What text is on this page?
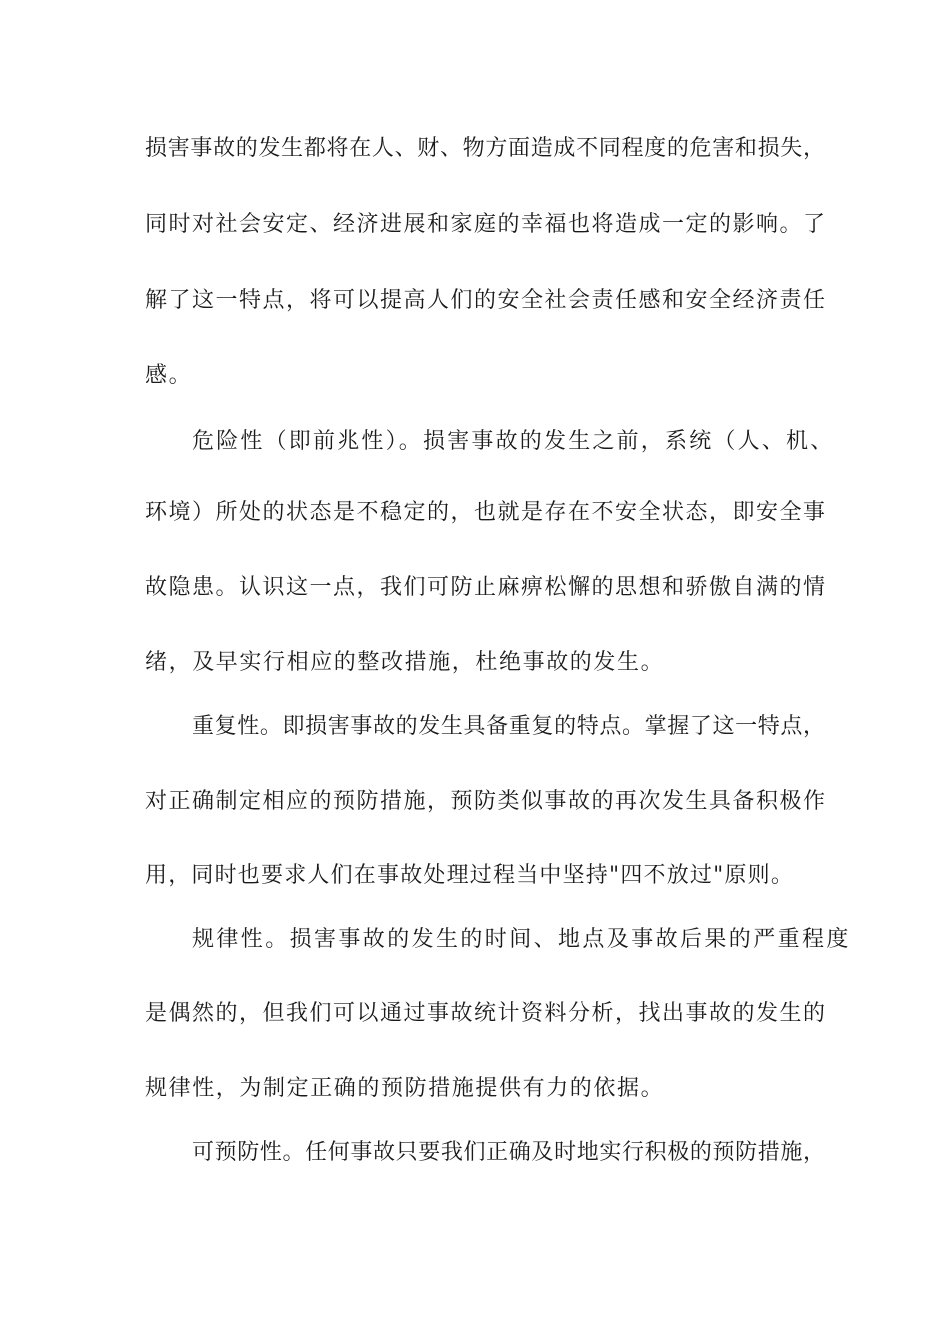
损害事故的发生都将在人、财、物方面造成不同程度的危害和损失，

同时对社会安定、经济进展和家庭的幸福也将造成一定的影响。了

解了这一特点，将可以提高人们的安全社会责任感和安全经济责任

感。

危险性（即前兆性）。损害事故的发生之前，系统（人、机、

环境）所处的状态是不稳定的，也就是存在不安全状态，即安全事

故隐患。认识这一点，我们可防止麻痹松懈的思想和骄傲自满的情

绪，及早实行相应的整改措施，杜绝事故的发生。

重复性。即损害事故的发生具备重复的特点。掌握了这一特点，

对正确制定相应的预防措施，预防类似事故的再次发生具备积极作

用，同时也要求人们在事故处理过程当中坚持"四不放过"原则。

规律性。损害事故的发生的时间、地点及事故后果的严重程度

是偶然的，但我们可以通过事故统计资料分析，找出事故的发生的

规律性，为制定正确的预防措施提供有力的依据。

可预防性。任何事故只要我们正确及时地实行积极的预防措施，
